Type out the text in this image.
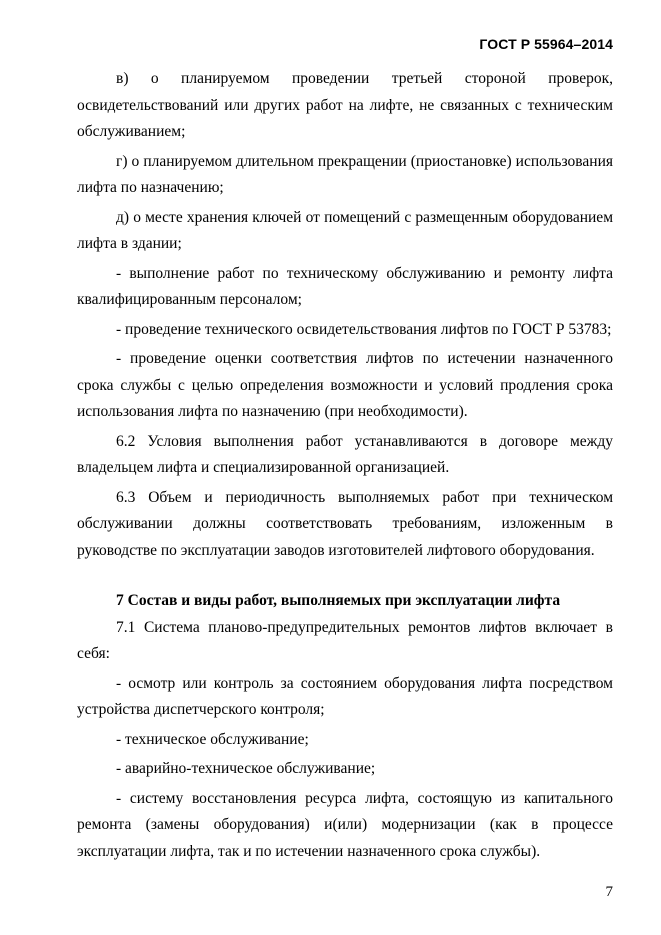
ГОСТ Р 55964–2014

в) о планируемом проведении третьей стороной проверок, освидетельствований или других работ на лифте, не связанных с техническим обслуживанием;

г) о планируемом длительном прекращении (приостановке) использования лифта по назначению;

д) о месте хранения ключей от помещений с размещенным оборудованием лифта в здании;

- выполнение работ по техническому обслуживанию и ремонту лифта квалифицированным персоналом;

- проведение технического освидетельствования лифтов по ГОСТ Р 53783;

- проведение оценки соответствия лифтов по истечении назначенного срока службы с целью определения возможности и условий продления срока использования лифта по назначению (при необходимости).

6.2 Условия выполнения работ устанавливаются в договоре между владельцем лифта и специализированной организацией.

6.3 Объем и периодичность выполняемых работ при техническом обслуживании должны соответствовать требованиям, изложенным в руководстве по эксплуатации заводов изготовителей лифтового оборудования.

7 Состав и виды работ, выполняемых при эксплуатации лифта

7.1 Система планово-предупредительных ремонтов лифтов включает в себя:

- осмотр или контроль за состоянием оборудования лифта посредством устройства диспетчерского контроля;

- техническое обслуживание;

- аварийно-техническое обслуживание;

- систему восстановления ресурса лифта, состоящую из капитального ремонта (замены оборудования) и(или) модернизации (как в процессе эксплуатации лифта, так и по истечении назначенного срока службы).

7
